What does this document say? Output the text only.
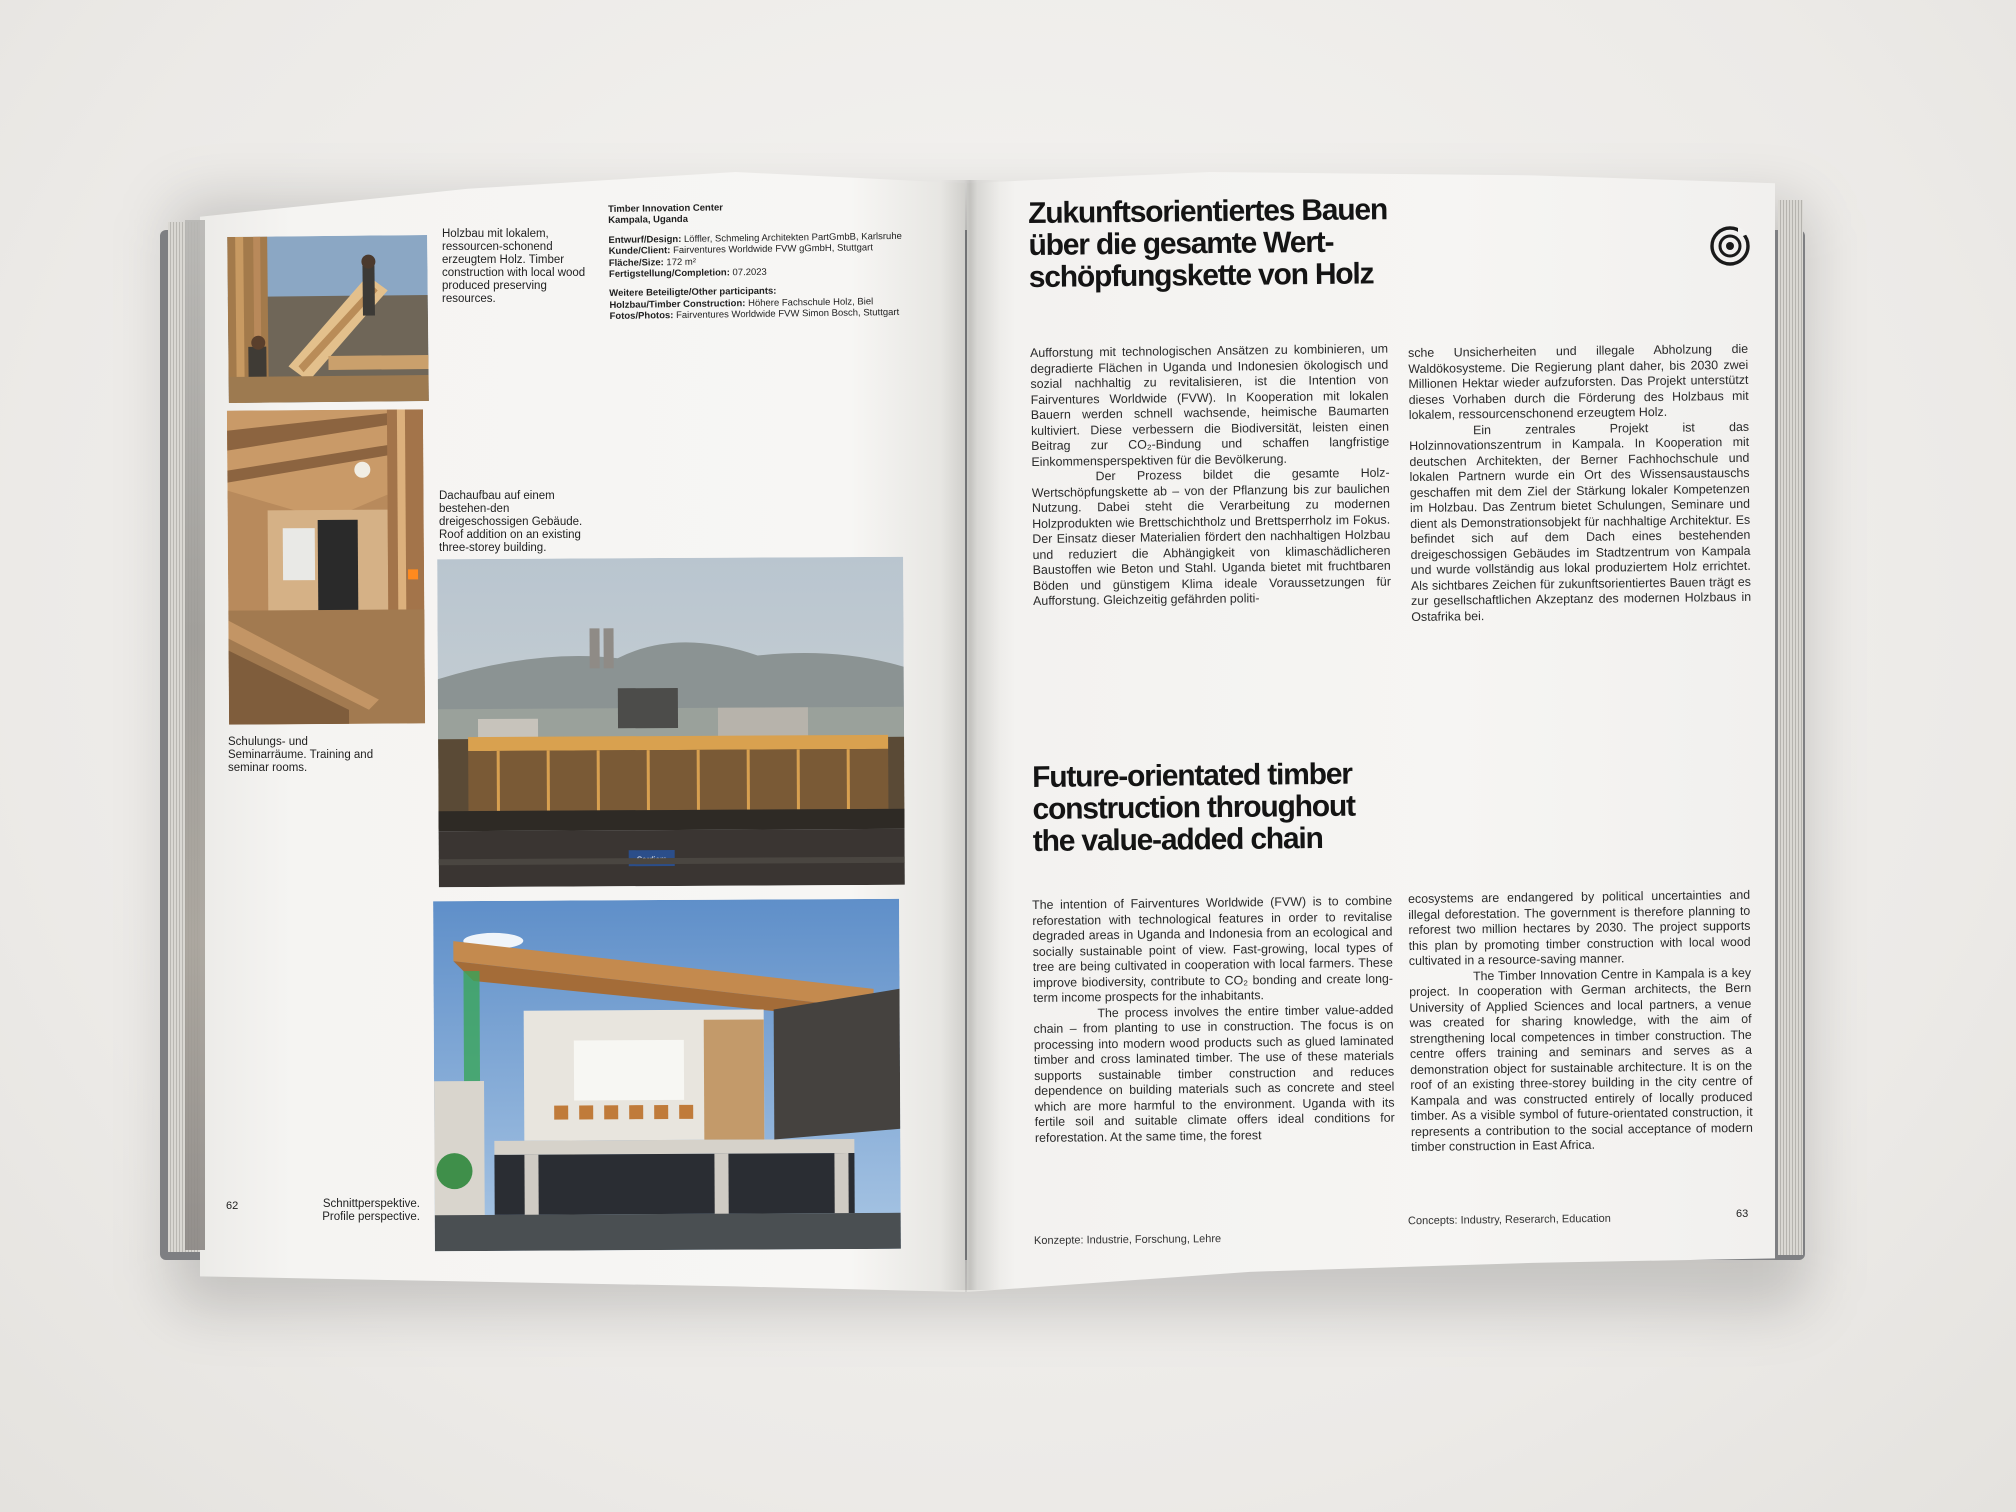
Holzbau mit lokalem, ressourcen-schonend erzeugtem Holz. Timber construction with local wood produced preserving resources.

Timber Innovation Center
Kampala, Uganda
Entwurf/Design: Löffler, Schmeling Architekten PartGmbB, Karlsruhe
Kunde/Client: Fairventures Worldwide FVW gGmbH, Stuttgart
Fläche/Size: 172 m²
Fertigstellung/Completion: 07.2023
Weitere Beteiligte/Other participants:
Holzbau/Timber Construction: Höhere Fachschule Holz, Biel
Fotos/Photos: Fairventures Worldwide FVW Simon Bosch, Stuttgart

Dachaufbau auf einem bestehen-den dreigeschossigen Gebäude. Roof addition on an existing three-storey building.

Schulungs- und Seminarräume. Training and seminar rooms.

Schnittperspektive. Profile perspective.

62

Zukunftsorientiertes Bauen über die gesamte Wert-schöpfungskette von Holz

Aufforstung mit technologischen Ansätzen zu kombinieren, um degradierte Flächen in Uganda und Indonesien ökologisch und sozial nachhaltig zu revitalisieren, ist die Intention von Fairventures Worldwide (FVW). In Kooperation mit lokalen Bauern werden schnell wachsende, heimische Baumarten kultiviert. Diese verbessern die Biodiversität, leisten einen Beitrag zur CO₂-Bindung und schaffen langfristige Einkommensperspektiven für die Bevölkerung.

Der Prozess bildet die gesamte Holz-Wertschöpfungskette ab – von der Pflanzung bis zur baulichen Nutzung. Dabei steht die Verarbeitung zu modernen Holzprodukten wie Brettschichtholz und Brettsperrholz im Fokus. Der Einsatz dieser Materialien fördert den nachhaltigen Holzbau und reduziert die Abhängigkeit von klimaschädlicheren Baustoffen wie Beton und Stahl. Uganda bietet mit fruchtbaren Böden und günstigem Klima ideale Voraussetzungen für Aufforstung. Gleichzeitig gefährden politi-

sche Unsicherheiten und illegale Abholzung die Waldökosysteme. Die Regierung plant daher, bis 2030 zwei Millionen Hektar wieder aufzuforsten. Das Projekt unterstützt dieses Vorhaben durch die Förderung des Holzbaus mit lokalem, ressourcenschonend erzeugtem Holz.

Ein zentrales Projekt ist das Holzinnovationszentrum in Kampala. In Kooperation mit deutschen Architekten, der Berner Fachhochschule und lokalen Partnern wurde ein Ort des Wissensaustauschs geschaffen mit dem Ziel der Stärkung lokaler Kompetenzen im Holzbau. Das Zentrum bietet Schulungen, Seminare und dient als Demonstrationsobjekt für nachhaltige Architektur. Es befindet sich auf dem Dach eines bestehenden dreigeschossigen Gebäudes im Stadtzentrum von Kampala und wurde vollständig aus lokal produziertem Holz errichtet. Als sichtbares Zeichen für zukunftsorientiertes Bauen trägt es zur gesellschaftlichen Akzeptanz des modernen Holzbaus in Ostafrika bei.

Future-orientated timber construction throughout the value-added chain

The intention of Fairventures Worldwide (FVW) is to combine reforestation with technological features in order to revitalise degraded areas in Uganda and Indonesia from an ecological and socially sustainable point of view. Fast-growing, local types of tree are being cultivated in cooperation with local farmers. These improve biodiversity, contribute to CO₂ bonding and create long-term income prospects for the inhabitants.

The process involves the entire timber value-added chain – from planting to use in construction. The focus is on processing into modern wood products such as glued laminated timber and cross laminated timber. The use of these materials supports sustainable timber construction and reduces dependence on building materials such as concrete and steel which are more harmful to the environment. Uganda with its fertile soil and suitable climate offers ideal conditions for reforestation. At the same time, the forest

ecosystems are endangered by political uncertainties and illegal deforestation. The government is therefore planning to reforest two million hectares by 2030. The project supports this plan by promoting timber construction with local wood cultivated in a resource-saving manner.

The Timber Innovation Centre in Kampala is a key project. In cooperation with German architects, the Bern University of Applied Sciences and local partners, a venue was created for sharing knowledge, with the aim of strengthening local competences in timber construction. The centre offers training and seminars and serves as a demonstration object for sustainable architecture. It is on the roof of an existing three-storey building in the city centre of Kampala and was constructed entirely of locally produced timber. As a visible symbol of future-orientated construction, it represents a contribution to the social acceptance of modern timber construction in East Africa.

Konzepte: Industrie, Forschung, Lehre

Concepts: Industry, Reserarch, Education	63
